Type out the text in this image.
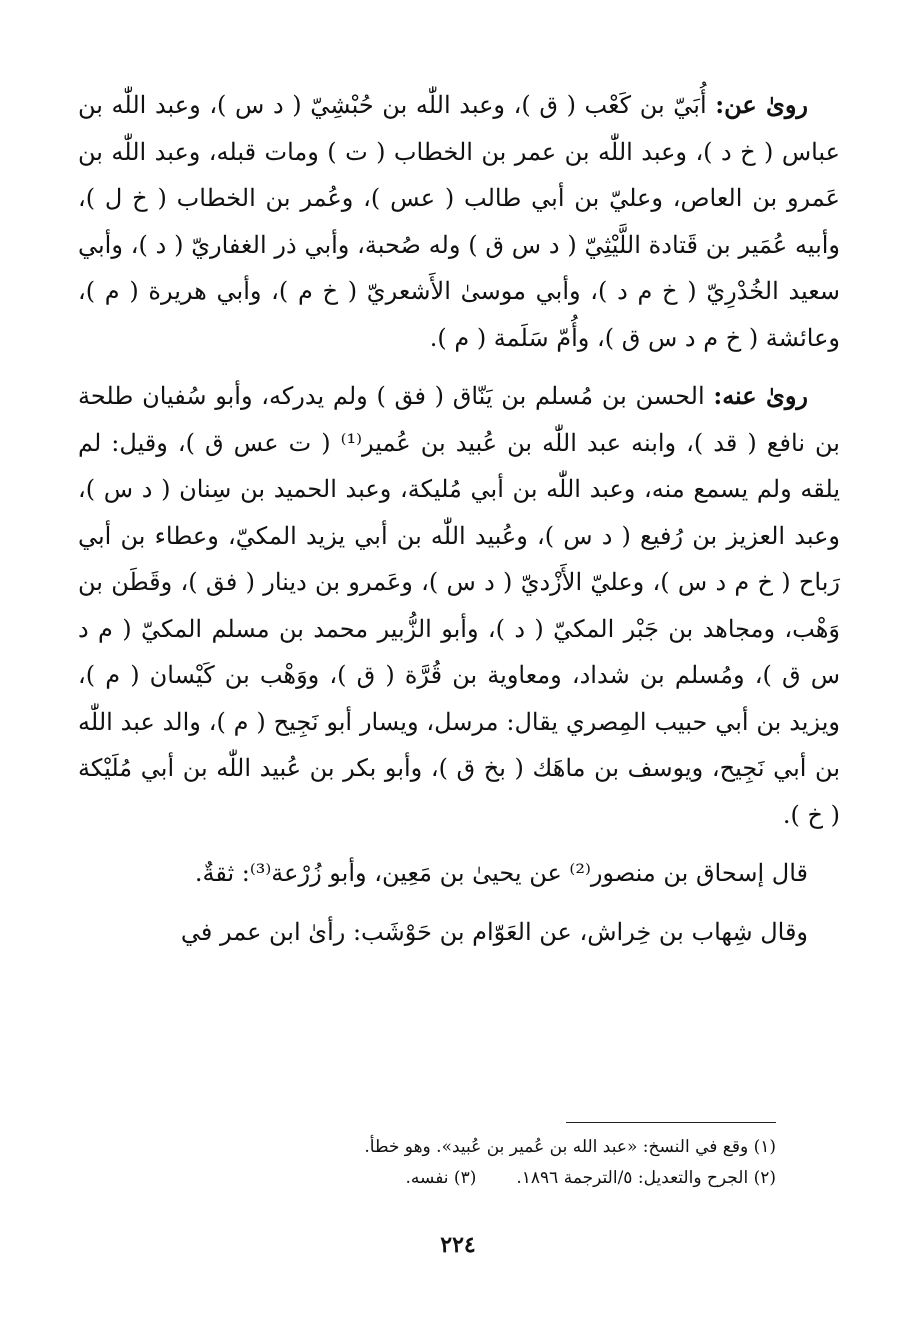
روىٰ عن: أُبَيّ بن كَعْب ( ق )، وعبد اللّٰه بن حُبْشِيّ ( د س )، وعبد اللّٰه بن عباس ( خ د )، وعبد اللّٰه بن عمر بن الخطاب ( ت ) ومات قبله، وعبد اللّٰه بن عَمرو بن العاص، وعليّ بن أبي طالب ( عس )، وعُمر بن الخطاب ( خ ل )، وأبيه عُمَير بن قَتادة اللَّيْثِيّ ( د س ق ) وله صُحبة، وأبي ذر الغفاريّ ( د )، وأبي سعيد الخُدْرِيّ ( خ م د )، وأبي موسىٰ الأَشعريّ ( خ م )، وأبي هريرة ( م )، وعائشة ( خ م د س ق )، وأُمّ سَلَمة ( م ).

روىٰ عنه: الحسن بن مُسلم بن يَنّاق ( فق ) ولم يدركه، وأبو سُفيان طلحة بن نافع ( قد )، وابنه عبد اللّٰه بن عُبيد بن عُمير⁽¹⁾ ( ت عس ق )، وقيل: لم يلقه ولم يسمع منه، وعبد اللّٰه بن أبي مُليكة، وعبد الحميد بن سِنان ( د س )، وعبد العزيز بن رُفيع ( د س )، وعُبيد اللّٰه بن أبي يزيد المكيّ، وعطاء بن أبي رَباح ( خ م د س )، وعليّ الأَزْديّ ( د س )، وعَمرو بن دينار ( فق )، وقَطَن بن وَهْب، ومجاهد بن جَبْر المكيّ ( د )، وأبو الزُّبير محمد بن مسلم المكيّ ( م د س ق )، ومُسلم بن شداد، ومعاوية بن قُرَّة ( ق )، ووَهْب بن كَيْسان ( م )، ويزيد بن أبي حبيب المِصري يقال: مرسل، ويسار أبو نَجِيح ( م )، والد عبد اللّٰه بن أبي نَجِيح، ويوسف بن ماهَك ( بخ ق )، وأبو بكر بن عُبيد اللّٰه بن أبي مُلَيْكة ( خ ).

قال إسحاق بن منصور⁽²⁾ عن يحيىٰ بن مَعِين، وأبو زُرْعة⁽³⁾: ثقةٌ.

وقال شِهاب بن خِراش، عن العَوّام بن حَوْشَب: رأىٰ ابن عمر في

(١) وقع في النسخ: «عبد الله بن عُمير بن عُبيد». وهو خطأ.

(٢) الجرح والتعديل: ٥/الترجمة ١٨٩٦.(٣) نفسه.

٢٢٤
